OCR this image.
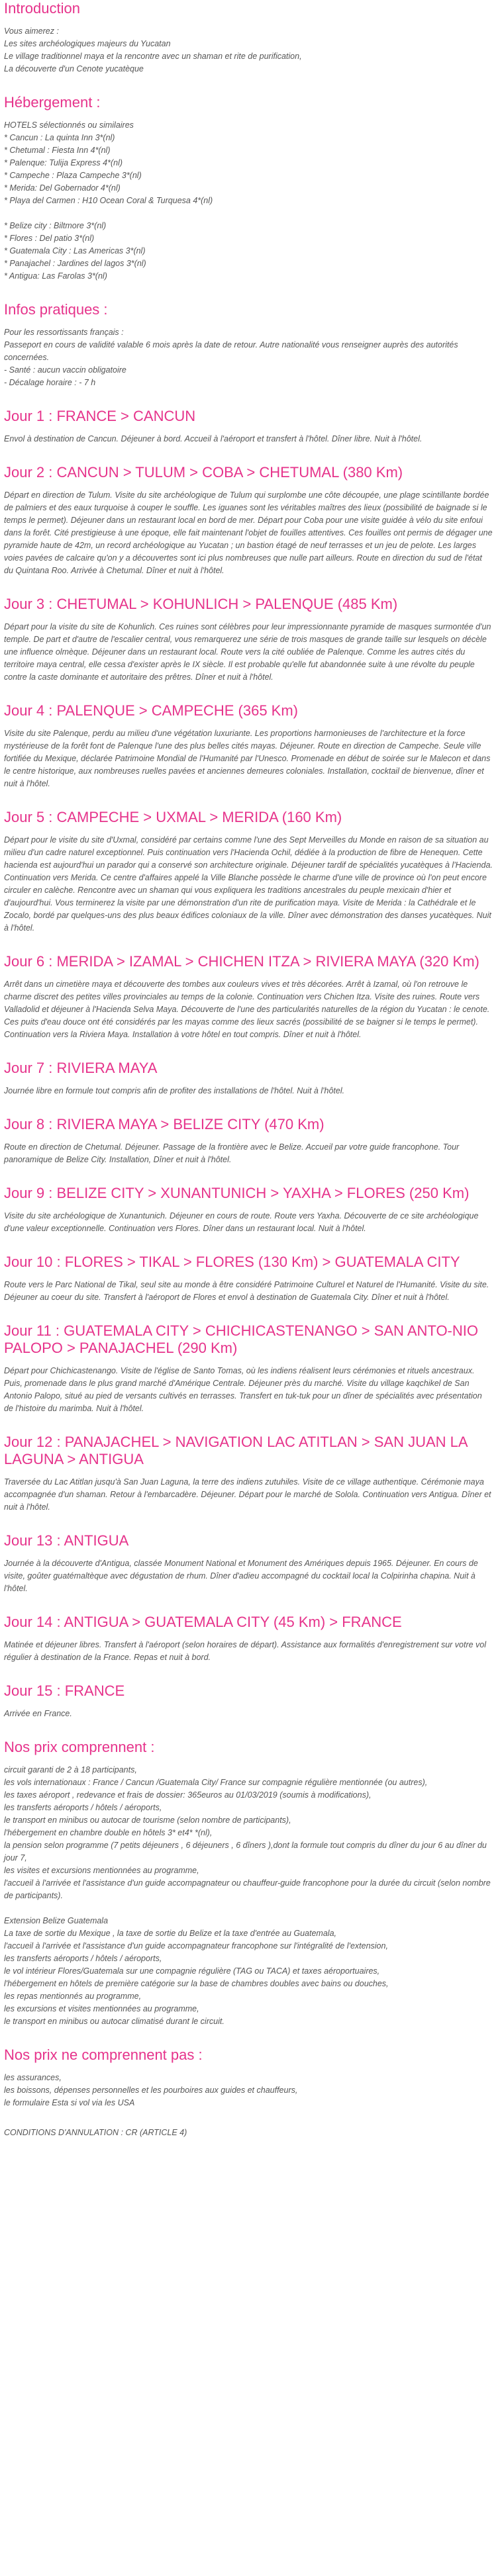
Introduction
Vous aimerez :
Les sites archéologiques majeurs du Yucatan
Le village traditionnel maya et la rencontre avec un shaman et rite de purification,
La découverte d'un Cenote yucatèque
Hébergement :
HOTELS sélectionnés ou similaires
* Cancun : La quinta Inn 3*(nl)
* Chetumal : Fiesta Inn 4*(nl)
* Palenque: Tulija Express 4*(nl)
* Campeche : Plaza Campeche 3*(nl)
* Merida: Del Gobernador 4*(nl)
* Playa del Carmen : H10 Ocean Coral & Turquesa 4*(nl)
* Belize city : Biltmore 3*(nl)
* Flores : Del patio 3*(nl)
* Guatemala City : Las Americas 3*(nl)
* Panajachel : Jardines del lagos 3*(nl)
* Antigua: Las Farolas 3*(nl)
Infos pratiques :
Pour les ressortissants français :
Passeport en cours de validité valable 6 mois après la date de retour. Autre nationalité vous renseigner auprès des autorités concernées.
- Santé : aucun vaccin obligatoire
- Décalage horaire : - 7 h
Jour 1 : FRANCE > CANCUN
Envol à destination de Cancun. Déjeuner à bord. Accueil à l'aéroport et transfert à l'hôtel. Dîner libre. Nuit à l'hôtel.
Jour 2 : CANCUN > TULUM > COBA > CHETUMAL (380 Km)
Départ en direction de Tulum. Visite du site archéologique de Tulum qui surplombe une côte découpée, une plage scintillante bordée de palmiers et des eaux turquoise à couper le souffle. Les iguanes sont les véritables maîtres des lieux (possibilité de baignade si le temps le permet). Déjeuner dans un restaurant local en bord de mer. Départ pour Coba pour une visite guidée à vélo du site enfoui dans la forêt. Cité prestigieuse à une époque, elle fait maintenant l'objet de fouilles attentives. Ces fouilles ont permis de dégager une pyramide haute de 42m, un record archéologique au Yucatan ; un bastion étagé de neuf terrasses et un jeu de pelote. Les larges voies pavées de calcaire qu'on y a découvertes sont ici plus nombreuses que nulle part ailleurs. Route en direction du sud de l'état du Quintana Roo. Arrivée à Chetumal. Dîner et nuit à l'hôtel.
Jour 3 : CHETUMAL > KOHUNLICH > PALENQUE (485 Km)
Départ pour la visite du site de Kohunlich. Ces ruines sont célèbres pour leur impressionnante pyramide de masques surmontée d'un temple. De part et d'autre de l'escalier central, vous remarquerez une série de trois masques de grande taille sur lesquels on décèle une influence olmèque. Déjeuner dans un restaurant local. Route vers la cité oubliée de Palenque. Comme les autres cités du territoire maya central, elle cessa d'exister après le IX siècle. Il est probable qu'elle fut abandonnée suite à une révolte du peuple contre la caste dominante et autoritaire des prêtres. Dîner et nuit à l'hôtel.
Jour 4 : PALENQUE > CAMPECHE (365 Km)
Visite du site Palenque, perdu au milieu d'une végétation luxuriante. Les proportions harmonieuses de l'architecture et la force mystérieuse de la forêt font de Palenque l'une des plus belles cités mayas. Déjeuner. Route en direction de Campeche. Seule ville fortifiée du Mexique, déclarée Patrimoine Mondial de l'Humanité par l'Unesco. Promenade en début de soirée sur le Malecon et dans le centre historique, aux nombreuses ruelles pavées et anciennes demeures coloniales. Installation, cocktail de bienvenue, dîner et nuit à l'hôtel.
Jour 5 : CAMPECHE > UXMAL > MERIDA (160 Km)
Départ pour le visite du site d'Uxmal, considéré par certains comme l'une des Sept Merveilles du Monde en raison de sa situation au milieu d'un cadre naturel exceptionnel. Puis continuation vers l'Hacienda Ochil, dédiée à la production de fibre de Henequen. Cette hacienda est aujourd'hui un parador qui a conservé son architecture originale. Déjeuner tardif de spécialités yucatèques à l'Hacienda. Continuation vers Merida. Ce centre d'affaires appelé la Ville Blanche possède le charme d'une ville de province où l'on peut encore circuler en calèche. Rencontre avec un shaman qui vous expliquera les traditions ancestrales du peuple mexicain d'hier et d'aujourd'hui. Vous terminerez la visite par une démonstration d'un rite de purification maya. Visite de Merida : la Cathédrale et le Zocalo, bordé par quelques-uns des plus beaux édifices coloniaux de la ville. Dîner avec démonstration des danses yucatèques. Nuit à l'hôtel.
Jour 6 : MERIDA > IZAMAL > CHICHEN ITZA > RIVIERA MAYA (320 Km)
Arrêt dans un cimetière maya et découverte des tombes aux couleurs vives et très décorées. Arrêt à Izamal, où l'on retrouve le charme discret des petites villes provinciales au temps de la colonie. Continuation vers Chichen Itza. Visite des ruines. Route vers Valladolid et déjeuner à l'Hacienda Selva Maya. Découverte de l'une des particularités naturelles de la région du Yucatan : le cenote. Ces puits d'eau douce ont été considérés par les mayas comme des lieux sacrés (possibilité de se baigner si le temps le permet). Continuation vers la Riviera Maya. Installation à votre hôtel en tout compris. Dîner et nuit à l'hôtel.
Jour 7 : RIVIERA MAYA
Journée libre en formule tout compris afin de profiter des installations de l'hôtel. Nuit à l'hôtel.
Jour 8 : RIVIERA MAYA > BELIZE CITY (470 Km)
Route en direction de Chetumal. Déjeuner. Passage de la frontière avec le Belize. Accueil par votre guide francophone. Tour panoramique de Belize City. Installation, Dîner et nuit à l'hôtel.
Jour 9 : BELIZE CITY > XUNANTUNICH > YAXHA > FLORES (250 Km)
Visite du site archéologique de Xunantunich. Déjeuner en cours de route. Route vers Yaxha. Découverte de ce site archéologique d'une valeur exceptionnelle. Continuation vers Flores. Dîner dans un restaurant local. Nuit à l'hôtel.
Jour 10 : FLORES > TIKAL > FLORES (130 Km) > GUATEMALA CITY
Route vers le Parc National de Tikal, seul site au monde à être considéré Patrimoine Culturel et Naturel de l'Humanité. Visite du site. Déjeuner au coeur du site. Transfert à l'aéroport de Flores et envol à destination de Guatemala City. Dîner et nuit à l'hôtel.
Jour 11 : GUATEMALA CITY > CHICHICASTENANGO > SAN ANTO-NIO PALOPO > PANAJACHEL (290 Km)
Départ pour Chichicastenango. Visite de l'église de Santo Tomas, où les indiens réalisent leurs cérémonies et rituels ancestraux. Puis, promenade dans le plus grand marché d'Amérique Centrale. Déjeuner près du marché. Visite du village kaqchikel de San Antonio Palopo, situé au pied de versants cultivés en terrasses. Transfert en tuk-tuk pour un dîner de spécialités avec présentation de l'histoire du marimba. Nuit à l'hôtel.
Jour 12 : PANAJACHEL > NAVIGATION LAC ATITLAN > SAN JUAN LA LAGUNA > ANTIGUA
Traversée du Lac Atitlan jusqu'à San Juan Laguna, la terre des indiens zutuhiles. Visite de ce village authentique. Cérémonie maya accompagnée d'un shaman. Retour à l'embarcadère. Déjeuner. Départ pour le marché de Solola. Continuation vers Antigua. Dîner et nuit à l'hôtel.
Jour 13 : ANTIGUA
Journée à la découverte d'Antigua, classée Monument National et Monument des Amériques depuis 1965. Déjeuner. En cours de visite, goûter guatémaltèque avec dégustation de rhum. Dîner d'adieu accompagné du cocktail local la Colpirinha chapina. Nuit à l'hôtel.
Jour 14 : ANTIGUA > GUATEMALA CITY (45 Km) > FRANCE
Matinée et déjeuner libres. Transfert à l'aéroport (selon horaires de départ). Assistance aux formalités d'enregistrement sur votre vol régulier à destination de la France. Repas et nuit à bord.
Jour 15 : FRANCE
Arrivée en France.
Nos prix comprennent :
circuit garanti de 2 à 18 participants,
les vols internationaux : France / Cancun /Guatemala City/ France sur compagnie régulière mentionnée (ou autres),
les taxes aéroport , redevance et frais de dossier: 365euros au 01/03/2019 (soumis à modifications),
les transferts aéroports / hôtels / aéroports,
le transport en minibus ou autocar de tourisme (selon nombre de participants),
l'hébergement en chambre double en hôtels 3* et4* *(nl),
la pension selon programme (7 petits déjeuners , 6 déjeuners , 6 dîners ),dont la formule tout compris du dîner du jour 6 au dîner du jour 7,
les visites et excursions mentionnées au programme,
l'accueil à l'arrivée et l'assistance d'un guide accompagnateur ou chauffeur-guide francophone pour la durée du circuit (selon nombre de participants).
Extension Belize Guatemala
La taxe de sortie du Mexique , la taxe de sortie du Belize et la taxe d'entrée au Guatemala,
l'accueil à l'arrivée et l'assistance d'un guide accompagnateur francophone sur l'intégralité de l'extension,
les transferts aéroports / hôtels / aéroports,
le vol intérieur Flores/Guatemala sur une compagnie régulière (TAG ou TACA) et taxes aéroportuaires,
l'hébergement en hôtels de première catégorie sur la base de chambres doubles avec bains ou douches,
les repas mentionnés au programme,
les excursions et visites mentionnées au programme,
le transport en minibus ou autocar climatisé durant le circuit.
Nos prix ne comprennent pas :
les assurances,
les boissons, dépenses personnelles et les pourboires aux guides et chauffeurs,
le formulaire Esta si vol via les USA
CONDITIONS D'ANNULATION : CR (ARTICLE 4)
